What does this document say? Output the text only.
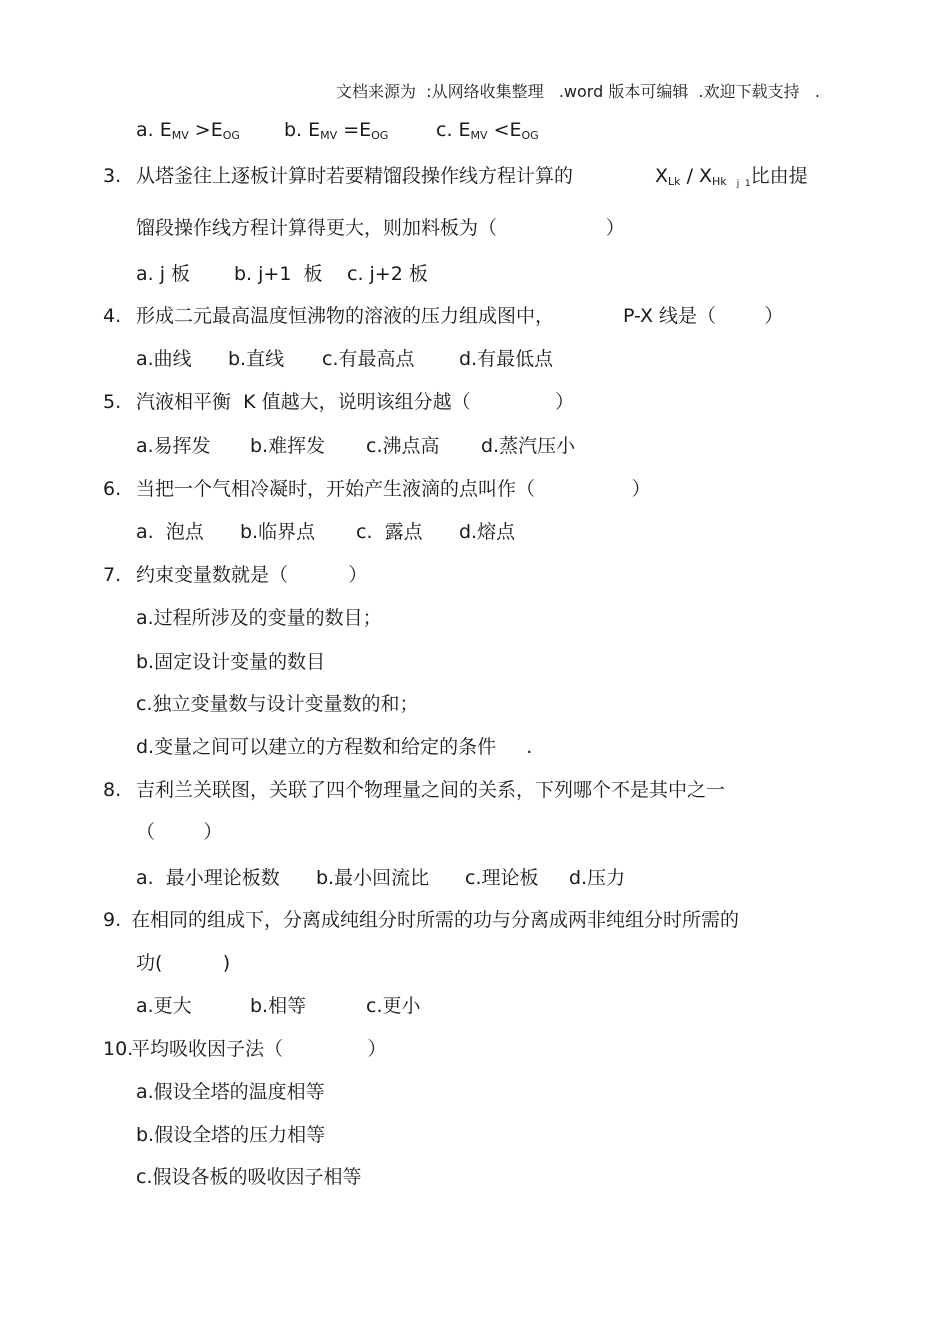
文档来源为  :从网络收集整理   .word 版本可编辑  .欢迎下载支持   .
a. $E_{MV} >E_{OG}$ b. $E_{MV} =E_{OG}$	c. $E_{MV} <E_{OG}$
3. 从塔釜往上逐板计算时若要精馏段操作线方程计算的	$X_{Lk} / X_{Hk}$ $_{j 1}$比由提
馏段操作线方程计算得更大，则加料板为（                  ）
a. j 板 b. j+1  板 c. j+2 板
4. 形成二元最高温度恒沸物的溶液的压力组成图中，	P-X 线是（        ）
a.曲线 b.直线 c.有最高点 d.有最低点
5. 汽液相平衡  K 值越大，说明该组分越（              ）
a.易挥发 b.难挥发 c.沸点高 d.蒸汽压小
6. 当把一个气相冷凝时，开始产生液滴的点叫作（                ）
a.  泡点 b.临界点 c.  露点 d.熔点
7. 约束变量数就是（          ）
a.过程所涉及的变量的数目；
b.固定设计变量的数目
c.独立变量数与设计变量数的和；
d.变量之间可以建立的方程数和给定的条件     .
8. 吉利兰关联图，关联了四个物理量之间的关系，下列哪个不是其中之一
（        ）
a.  最小理论板数 b.最小回流比 c.理论板 d.压力
9. 在相同的组成下，分离成纯组分时所需的功与分离成两非纯组分时所需的
功(          )
a.更大	b.相等	c.更小
10.
平均吸收因子法（              ）
a.假设全塔的温度相等
b.假设全塔的压力相等
c.假设各板的吸收因子相等
